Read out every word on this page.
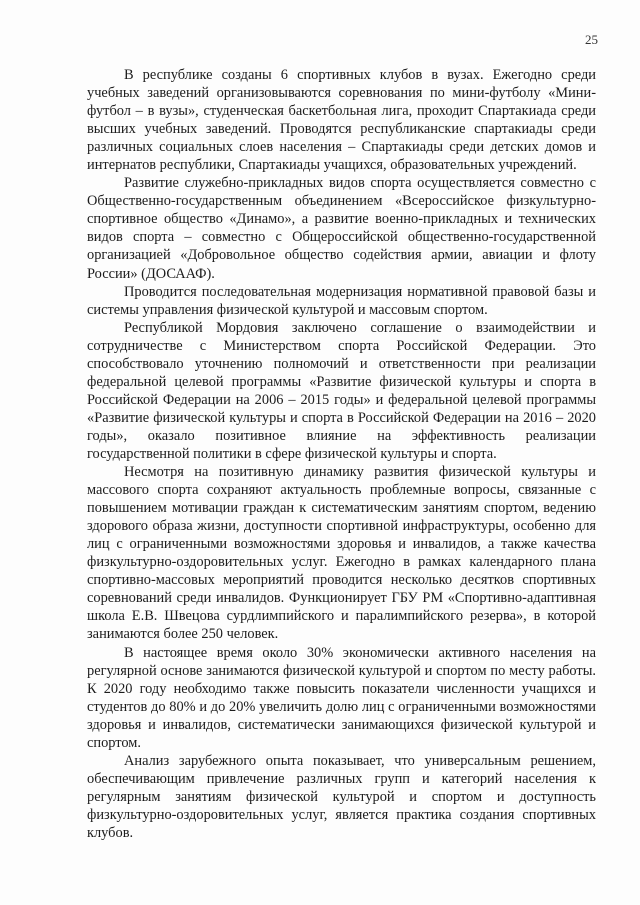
25

В республике созданы 6 спортивных клубов в вузах. Ежегодно среди учебных заведений организовываются соревнования по мини-футболу «Мини-футбол – в вузы», студенческая баскетбольная лига, проходит Спартакиада среди высших учебных заведений. Проводятся республиканские спартакиады среди различных социальных слоев населения – Спартакиады среди детских домов и интернатов республики, Спартакиады учащихся, образовательных учреждений.

Развитие служебно-прикладных видов спорта осуществляется совместно с Общественно-государственным объединением «Всероссийское физкультурно-спортивное общество «Динамо», а развитие военно-прикладных и технических видов спорта – совместно с Общероссийской общественно-государственной организацией «Добровольное общество содействия армии, авиации и флоту России» (ДОСААФ).

Проводится последовательная модернизация нормативной правовой базы и системы управления физической культурой и массовым спортом.

Республикой Мордовия заключено соглашение о взаимодействии и сотрудничестве с Министерством спорта Российской Федерации. Это способствовало уточнению полномочий и ответственности при реализации федеральной целевой программы «Развитие физической культуры и спорта в Российской Федерации на 2006 – 2015 годы» и федеральной целевой программы «Развитие физической культуры и спорта в Российской Федерации на 2016 – 2020 годы», оказало позитивное влияние на эффективность реализации государственной политики в сфере физической культуры и спорта.

Несмотря на позитивную динамику развития физической культуры и массового спорта сохраняют актуальность проблемные вопросы, связанные с повышением мотивации граждан к систематическим занятиям спортом, ведению здорового образа жизни, доступности спортивной инфраструктуры, особенно для лиц с ограниченными возможностями здоровья и инвалидов, а также качества физкультурно-оздоровительных услуг. Ежегодно в рамках календарного плана спортивно-массовых мероприятий проводится несколько десятков спортивных соревнований среди инвалидов. Функционирует ГБУ РМ «Спортивно-адаптивная школа Е.В. Швецова сурдлимпийского и паралимпийского резерва», в которой занимаются более 250 человек.

В настоящее время около 30% экономически активного населения на регулярной основе занимаются физической культурой и спортом по месту работы. К 2020 году необходимо также повысить показатели численности учащихся и студентов до 80% и до 20% увеличить долю лиц с ограниченными возможностями здоровья и инвалидов, систематически занимающихся физической культурой и спортом.

Анализ зарубежного опыта показывает, что универсальным решением, обеспечивающим привлечение различных групп и категорий населения к регулярным занятиям физической культурой и спортом и доступность физкультурно-оздоровительных услуг, является практика создания спортивных клубов.
